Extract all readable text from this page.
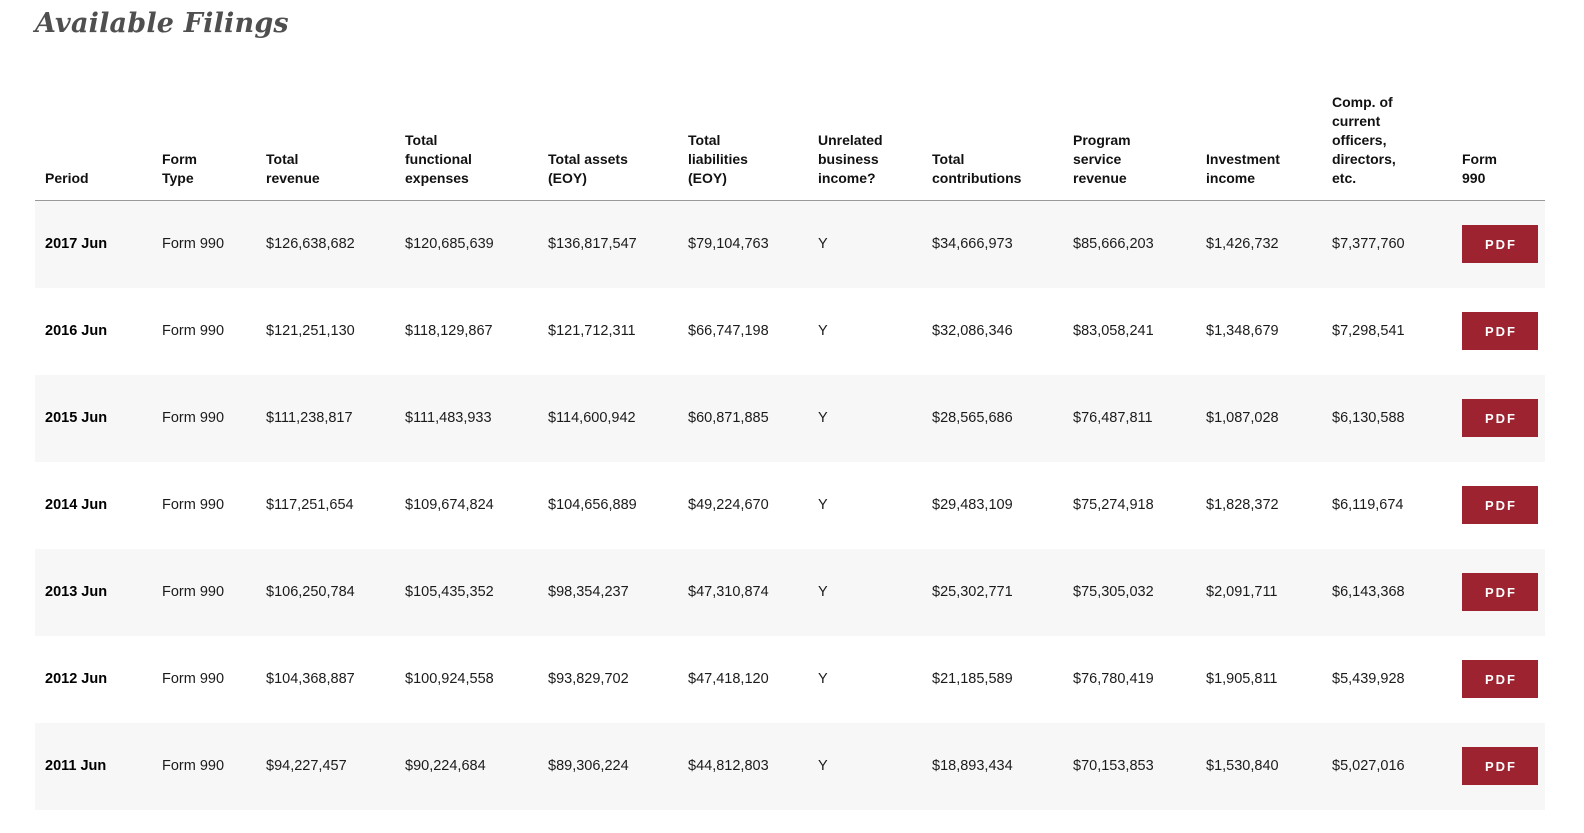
Available Filings
Period	Form Type	Total revenue	Total functional expenses	Total assets (EOY)	Total liabilities (EOY)	Unrelated business income?	Total contributions	Program service revenue	Investment income	Comp. of current officers, directors, etc.	Form 990
2017 Jun	Form 990	$126,638,682	$120,685,639	$136,817,547	$79,104,763	Y	$34,666,973	$85,666,203	$1,426,732	$7,377,760	PDF
2016 Jun	Form 990	$121,251,130	$118,129,867	$121,712,311	$66,747,198	Y	$32,086,346	$83,058,241	$1,348,679	$7,298,541	PDF
2015 Jun	Form 990	$111,238,817	$111,483,933	$114,600,942	$60,871,885	Y	$28,565,686	$76,487,811	$1,087,028	$6,130,588	PDF
2014 Jun	Form 990	$117,251,654	$109,674,824	$104,656,889	$49,224,670	Y	$29,483,109	$75,274,918	$1,828,372	$6,119,674	PDF
2013 Jun	Form 990	$106,250,784	$105,435,352	$98,354,237	$47,310,874	Y	$25,302,771	$75,305,032	$2,091,711	$6,143,368	PDF
2012 Jun	Form 990	$104,368,887	$100,924,558	$93,829,702	$47,418,120	Y	$21,185,589	$76,780,419	$1,905,811	$5,439,928	PDF
2011 Jun	Form 990	$94,227,457	$90,224,684	$89,306,224	$44,812,803	Y	$18,893,434	$70,153,853	$1,530,840	$5,027,016	PDF
